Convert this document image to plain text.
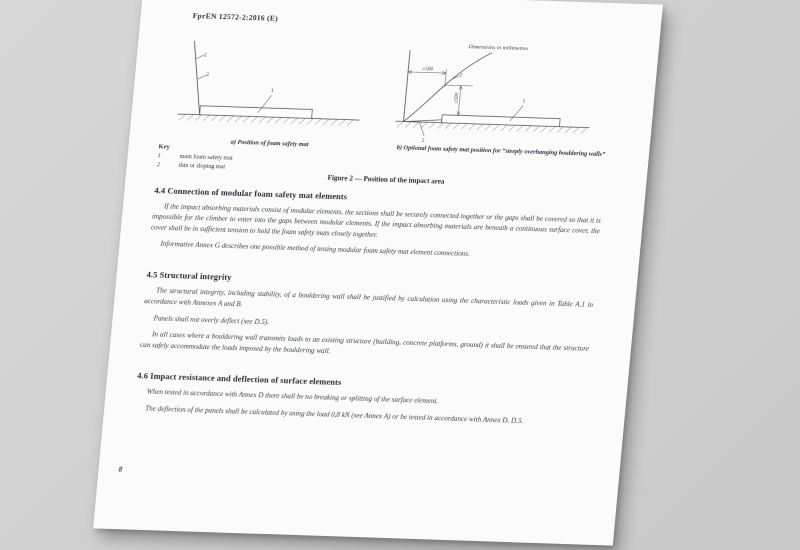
FprEN 12572-2:2016 (E)
Dimensions in millimetres
1
2
2
a) Position of foam safety mat
≥500
≥500	1
2
2
b) Optional foam safety mat position for “steeply overhanging bouldering walls”
Key
1	main foam safety mat
2	thin or sloping mat
Figure 2 — Position of the impact area
4.4 Connection of modular foam safety mat elements

If the impact absorbing materials consist of modular elements, the sections shall be securely connected together or the gaps shall be covered so that it is impossible for the climber to enter into the gaps between modular elements. If the impact absorbing materials are beneath a continuous surface cover, the cover shall be in sufficient tension to hold the foam safety mats closely together.

Informative Annex G describes one possible method of testing modular foam safety mat element connections.

4.5 Structural integrity

The structural integrity, including stability, of a bouldering wall shall be justified by calculation using the characteristic loads given in Table A.1 in accordance with Annexes A and B.

Panels shall not overly deflect (see D.5).

In all cases where a bouldering wall transmits loads to an existing structure (building, concrete platforms, ground) it shall be ensured that the structure can safely accommodate the loads imposed by the bouldering wall.

4.6 Impact resistance and deflection of surface elements

When tested in accordance with Annex D there shall be no breaking or splitting of the surface element.

The deflection of the panels shall be calculated by using the load 0,8 kN (see Annex A) or be tested in accordance with Annex D, D.5.

8
